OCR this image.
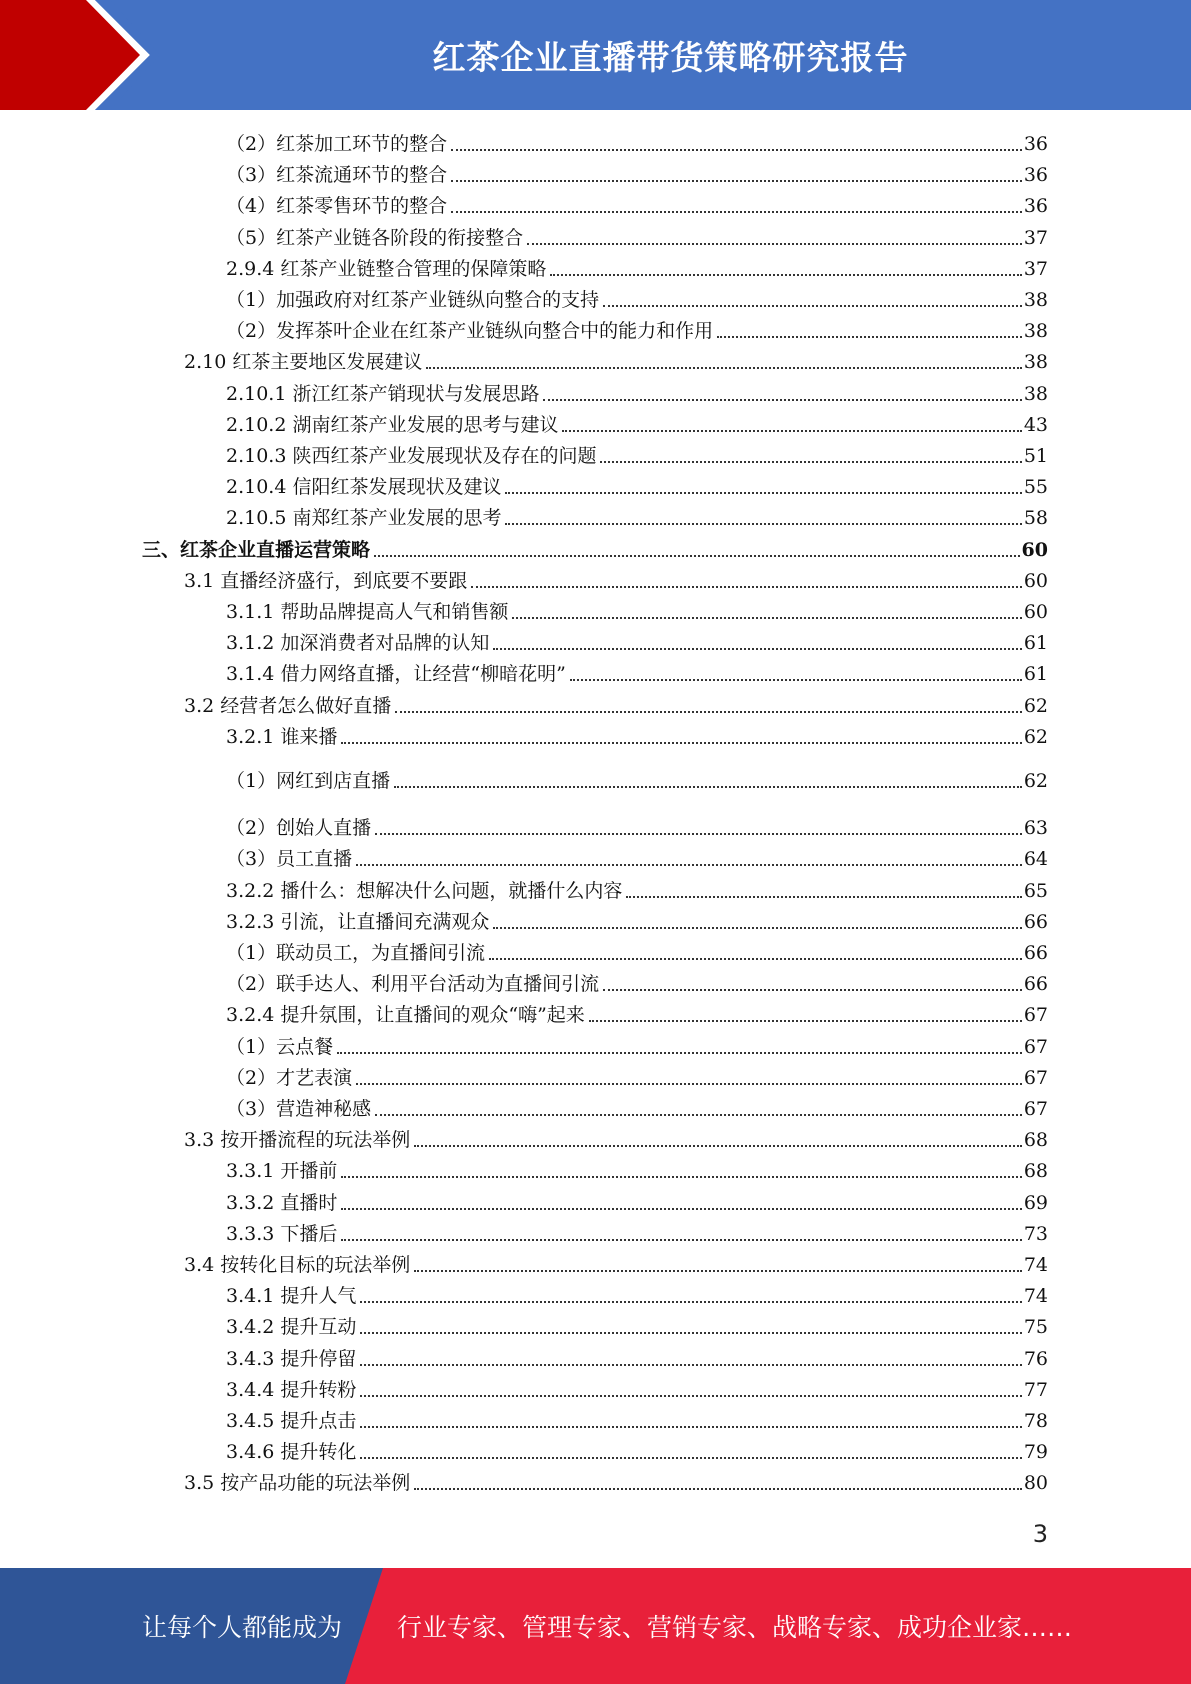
红茶企业直播带货策略研究报告
（2）红茶加工环节的整合	36
（3）红茶流通环节的整合	36
（4）红茶零售环节的整合	36
（5）红茶产业链各阶段的衔接整合	37
2.9.4 红茶产业链整合管理的保障策略	37
（1）加强政府对红茶产业链纵向整合的支持	38
（2）发挥茶叶企业在红茶产业链纵向整合中的能力和作用	38
2.10 红茶主要地区发展建议	38
2.10.1 浙江红茶产销现状与发展思路	38
2.10.2 湖南红茶产业发展的思考与建议	43
2.10.3 陕西红茶产业发展现状及存在的问题	51
2.10.4 信阳红茶发展现状及建议	55
2.10.5 南郑红茶产业发展的思考	58
三、红茶企业直播运营策略	60
3.1 直播经济盛行，到底要不要跟	60
3.1.1 帮助品牌提高人气和销售额	60
3.1.2 加深消费者对品牌的认知	61
3.1.4 借力网络直播，让经营“柳暗花明”	61
3.2 经营者怎么做好直播	62
3.2.1 谁来播	62
（1）网红到店直播	62
（2）创始人直播	63
（3）员工直播	64
3.2.2 播什么：想解决什么问题，就播什么内容	65
3.2.3 引流，让直播间充满观众	66
（1）联动员工，为直播间引流	66
（2）联手达人、利用平台活动为直播间引流	66
3.2.4 提升氛围，让直播间的观众“嗨”起来	67
（1）云点餐	67
（2）才艺表演	67
（3）营造神秘感	67
3.3 按开播流程的玩法举例	68
3.3.1 开播前	68
3.3.2 直播时	69
3.3.3 下播后	73
3.4 按转化目标的玩法举例	74
3.4.1 提升人气	74
3.4.2 提升互动	75
3.4.3 提升停留	76
3.4.4 提升转粉	77
3.4.5 提升点击	78
3.4.6 提升转化	79
3.5 按产品功能的玩法举例	80
3
让每个人都能成为 行业专家、管理专家、营销专家、战略专家、成功企业家……
